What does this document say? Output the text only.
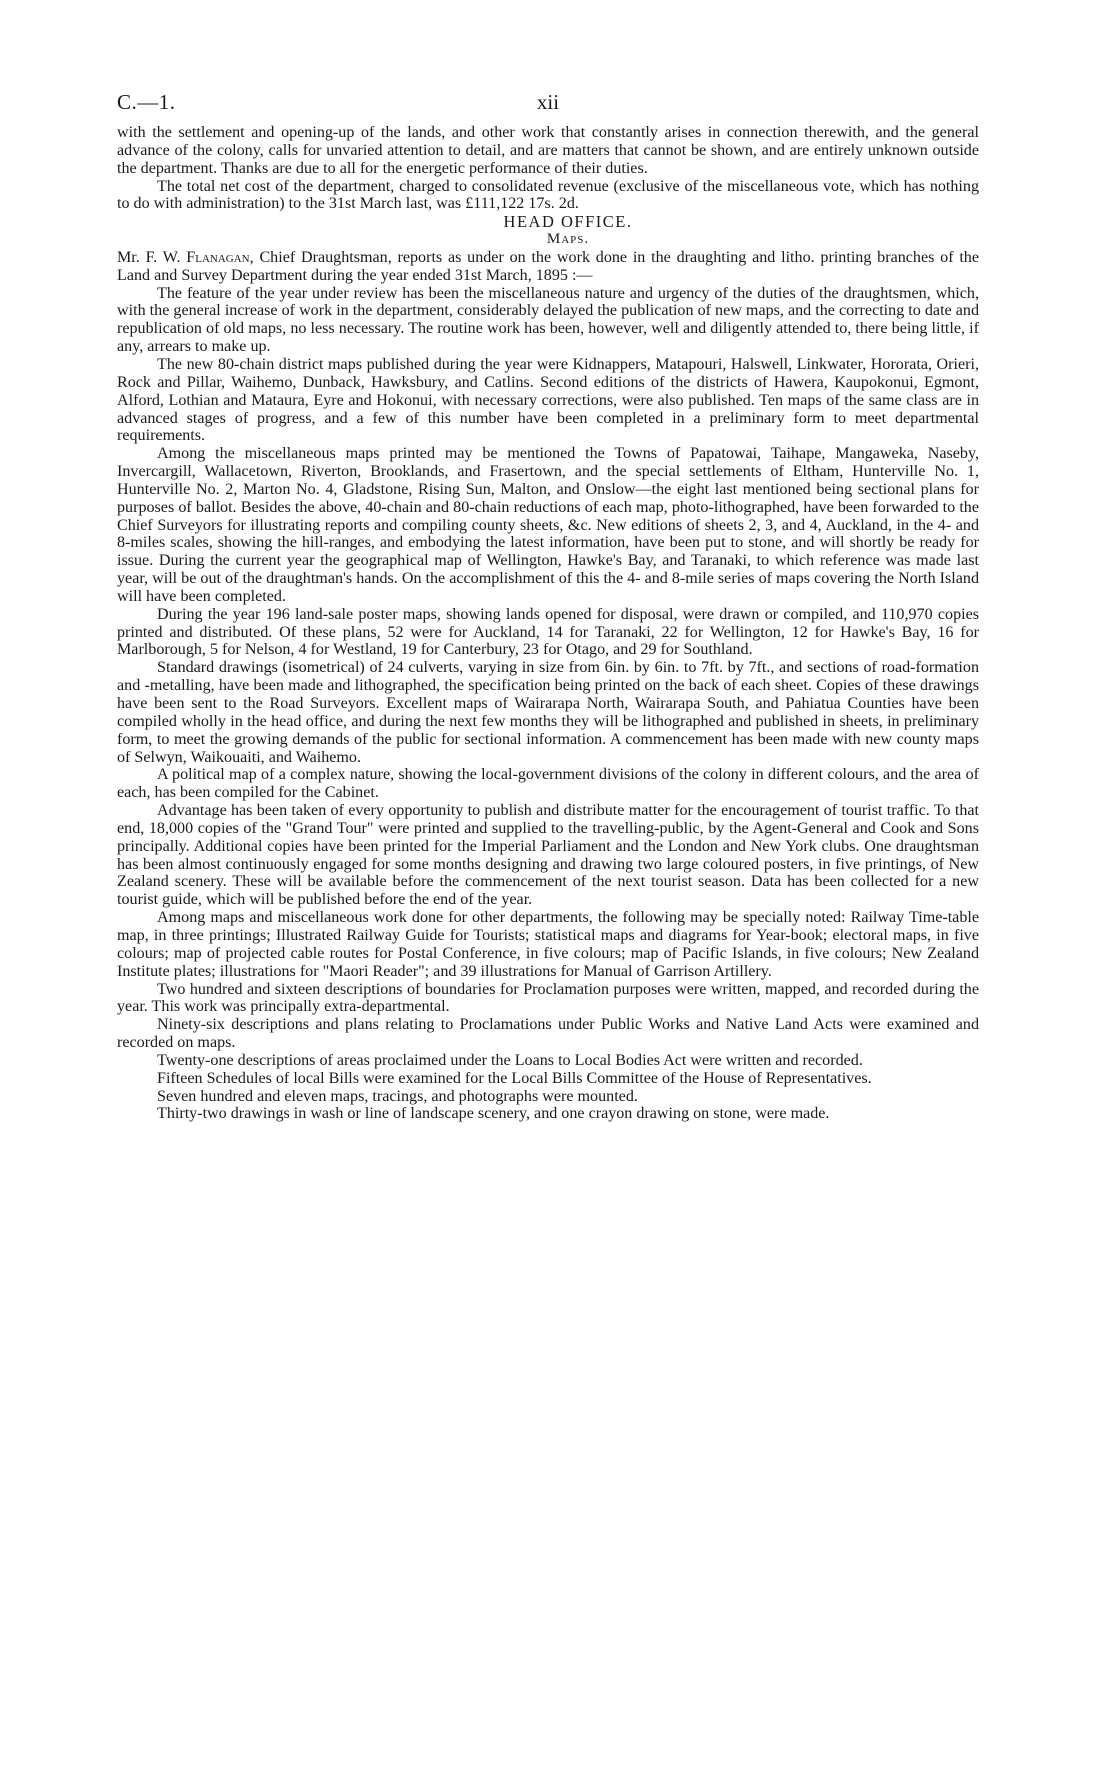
C.—1.	xii

with the settlement and opening-up of the lands, and other work that constantly arises in connection therewith, and the general advance of the colony, calls for unvaried attention to detail, and are matters that cannot be shown, and are entirely unknown outside the department. Thanks are due to all for the energetic performance of their duties.

The total net cost of the department, charged to consolidated revenue (exclusive of the miscellaneous vote, which has nothing to do with administration) to the 31st March last, was £111,122 17s. 2d.

HEAD OFFICE.

Maps.

Mr. F. W. Flanagan, Chief Draughtsman, reports as under on the work done in the draughting and litho. printing branches of the Land and Survey Department during the year ended 31st March, 1895 :—

The feature of the year under review has been the miscellaneous nature and urgency of the duties of the draughtsmen, which, with the general increase of work in the department, considerably delayed the publication of new maps, and the correcting to date and republication of old maps, no less necessary. The routine work has been, however, well and diligently attended to, there being little, if any, arrears to make up.

The new 80-chain district maps published during the year were Kidnappers, Matapouri, Halswell, Linkwater, Hororata, Orieri, Rock and Pillar, Waihemo, Dunback, Hawksbury, and Catlins. Second editions of the districts of Hawera, Kaupokonui, Egmont, Alford, Lothian and Mataura, Eyre and Hokonui, with necessary corrections, were also published. Ten maps of the same class are in advanced stages of progress, and a few of this number have been completed in a preliminary form to meet departmental requirements.

Among the miscellaneous maps printed may be mentioned the Towns of Papatowai, Taihape, Mangaweka, Naseby, Invercargill, Wallacetown, Riverton, Brooklands, and Frasertown, and the special settlements of Eltham, Hunterville No. 1, Hunterville No. 2, Marton No. 4, Gladstone, Rising Sun, Malton, and Onslow—the eight last mentioned being sectional plans for purposes of ballot. Besides the above, 40-chain and 80-chain reductions of each map, photo-lithographed, have been forwarded to the Chief Surveyors for illustrating reports and compiling county sheets, &c. New editions of sheets 2, 3, and 4, Auckland, in the 4- and 8-miles scales, showing the hill-ranges, and embodying the latest information, have been put to stone, and will shortly be ready for issue. During the current year the geographical map of Wellington, Hawke's Bay, and Taranaki, to which reference was made last year, will be out of the draughtman's hands. On the accomplishment of this the 4- and 8-mile series of maps covering the North Island will have been completed.

During the year 196 land-sale poster maps, showing lands opened for disposal, were drawn or compiled, and 110,970 copies printed and distributed. Of these plans, 52 were for Auckland, 14 for Taranaki, 22 for Wellington, 12 for Hawke's Bay, 16 for Marlborough, 5 for Nelson, 4 for Westland, 19 for Canterbury, 23 for Otago, and 29 for Southland.

Standard drawings (isometrical) of 24 culverts, varying in size from 6in. by 6in. to 7ft. by 7ft., and sections of road-formation and -metalling, have been made and lithographed, the specification being printed on the back of each sheet. Copies of these drawings have been sent to the Road Surveyors. Excellent maps of Wairarapa North, Wairarapa South, and Pahiatua Counties have been compiled wholly in the head office, and during the next few months they will be lithographed and published in sheets, in preliminary form, to meet the growing demands of the public for sectional information. A commencement has been made with new county maps of Selwyn, Waikouaiti, and Waihemo.

A political map of a complex nature, showing the local-government divisions of the colony in different colours, and the area of each, has been compiled for the Cabinet.

Advantage has been taken of every opportunity to publish and distribute matter for the encouragement of tourist traffic. To that end, 18,000 copies of the "Grand Tour" were printed and supplied to the travelling-public, by the Agent-General and Cook and Sons principally. Additional copies have been printed for the Imperial Parliament and the London and New York clubs. One draughtsman has been almost continuously engaged for some months designing and drawing two large coloured posters, in five printings, of New Zealand scenery. These will be available before the commencement of the next tourist season. Data has been collected for a new tourist guide, which will be published before the end of the year.

Among maps and miscellaneous work done for other departments, the following may be specially noted: Railway Time-table map, in three printings; Illustrated Railway Guide for Tourists; statistical maps and diagrams for Year-book; electoral maps, in five colours; map of projected cable routes for Postal Conference, in five colours; map of Pacific Islands, in five colours; New Zealand Institute plates; illustrations for "Maori Reader"; and 39 illustrations for Manual of Garrison Artillery.

Two hundred and sixteen descriptions of boundaries for Proclamation purposes were written, mapped, and recorded during the year. This work was principally extra-departmental.

Ninety-six descriptions and plans relating to Proclamations under Public Works and Native Land Acts were examined and recorded on maps.

Twenty-one descriptions of areas proclaimed under the Loans to Local Bodies Act were written and recorded.

Fifteen Schedules of local Bills were examined for the Local Bills Committee of the House of Representatives.

Seven hundred and eleven maps, tracings, and photographs were mounted.

Thirty-two drawings in wash or line of landscape scenery, and one crayon drawing on stone, were made.
